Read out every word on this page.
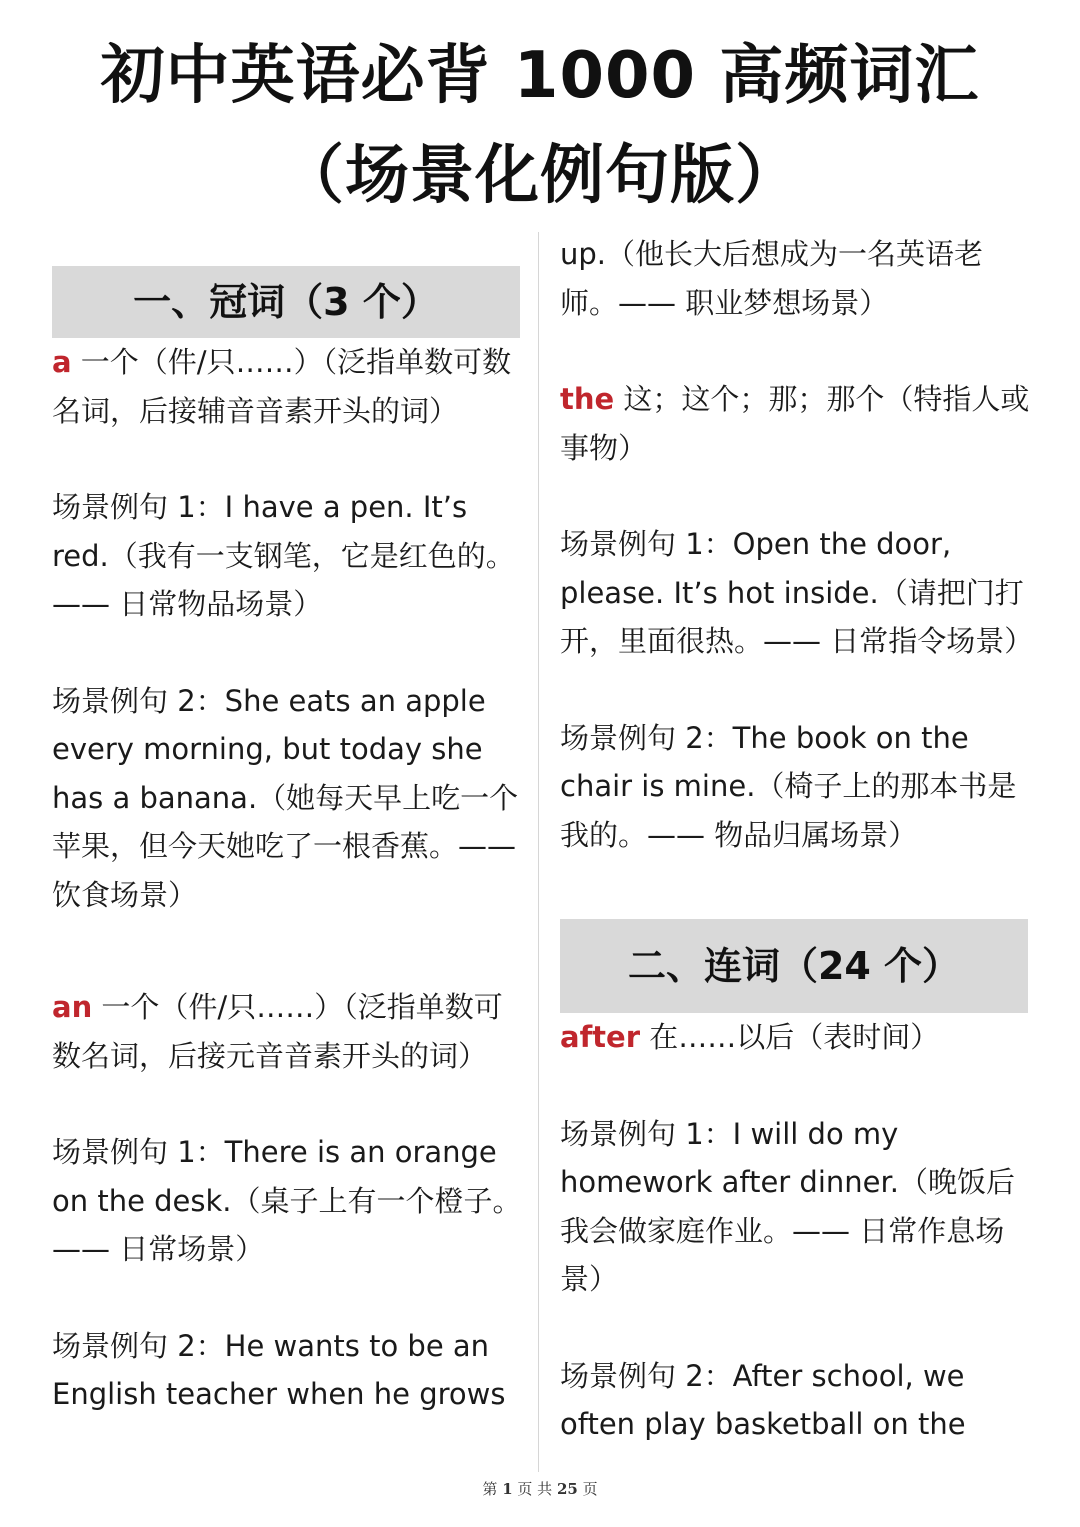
初中英语必背 1000 高频词汇
（场景化例句版）
一、冠词（3 个）

a 一个（件/只……）（泛指单数可数名词，后接辅音音素开头的词）

场景例句 1：I have a pen. It’s red.（我有一支钢笔，它是红色的。—— 日常物品场景）

场景例句 2：She eats an apple every morning, but today she has a banana.（她每天早上吃一个苹果，但今天她吃了一根香蕉。—— 饮食场景）

an 一个（件/只……）（泛指单数可数名词，后接元音音素开头的词）

场景例句 1：There is an orange on the desk.（桌子上有一个橙子。—— 日常场景）

场景例句 2：He wants to be an English teacher when he grows

up.（他长大后想成为一名英语老师。—— 职业梦想场景）

the 这；这个；那；那个（特指人或事物）

场景例句 1：Open the door, please. It’s hot inside.（请把门打开，里面很热。—— 日常指令场景）

场景例句 2：The book on the chair is mine.（椅子上的那本书是我的。—— 物品归属场景）

二、连词（24 个）

after 在……以后（表时间）

场景例句 1：I will do my homework after dinner.（晚饭后我会做家庭作业。—— 日常作息场景）

场景例句 2：After school, we often play basketball on the

第 1 页 共 25 页
